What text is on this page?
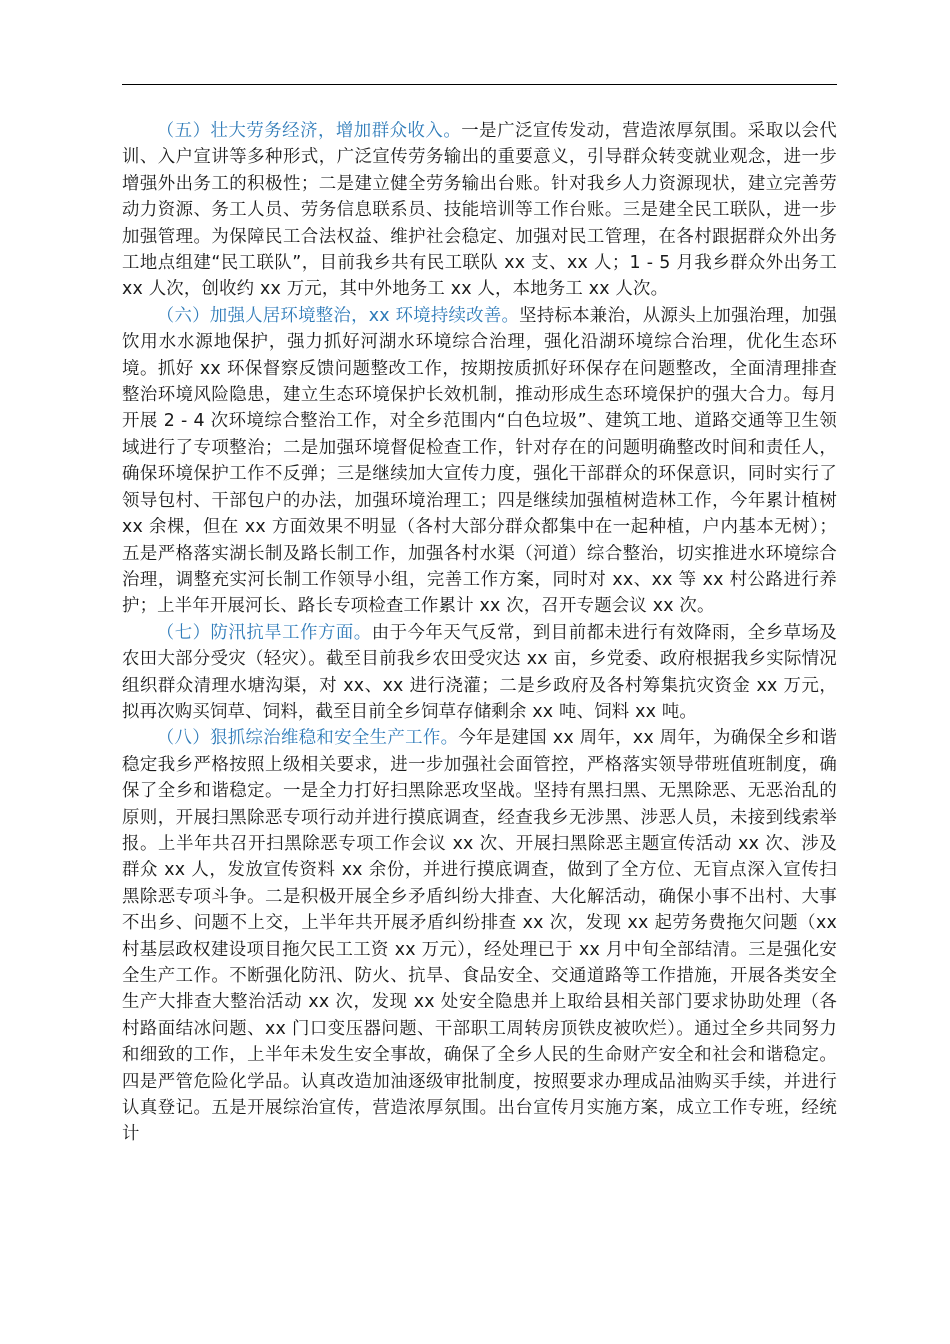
（五）壮大劳务经济，增加群众收入。一是广泛宣传发动，营造浓厚氛围。采取以会代训、入户宣讲等多种形式，广泛宣传劳务输出的重要意义，引导群众转变就业观念，进一步增强外出务工的积极性；二是建立健全劳务输出台账。针对我乡人力资源现状，建立完善劳动力资源、务工人员、劳务信息联系员、技能培训等工作台账。三是建全民工联队，进一步加强管理。为保障民工合法权益、维护社会稳定、加强对民工管理，在各村跟据群众外出务工地点组建“民工联队”，目前我乡共有民工联队 xx 支、xx 人；1 - 5 月我乡群众外出务工 xx 人次，创收约 xx 万元，其中外地务工 xx 人，本地务工 xx 人次。

（六）加强人居环境整治，xx 环境持续改善。坚持标本兼治，从源头上加强治理，加强饮用水水源地保护，强力抓好河湖水环境综合治理，强化沿湖环境综合治理，优化生态环境。抓好 xx 环保督察反馈问题整改工作，按期按质抓好环保存在问题整改，全面清理排查整治环境风险隐患，建立生态环境保护长效机制，推动形成生态环境保护的强大合力。每月开展 2 - 4 次环境综合整治工作，对全乡范围内“白色垃圾”、建筑工地、道路交通等卫生领域进行了专项整治；二是加强环境督促检查工作，针对存在的问题明确整改时间和责任人，确保环境保护工作不反弹；三是继续加大宣传力度，强化干部群众的环保意识，同时实行了领导包村、干部包户的办法，加强环境治理工；四是继续加强植树造林工作，今年累计植树 xx 余棵，但在 xx 方面效果不明显（各村大部分群众都集中在一起种植，户内基本无树）；五是严格落实湖长制及路长制工作，加强各村水渠（河道）综合整治，切实推进水环境综合治理，调整充实河长制工作领导小组，完善工作方案，同时对 xx、xx 等 xx 村公路进行养护；上半年开展河长、路长专项检查工作累计 xx 次，召开专题会议 xx 次。

（七）防汛抗旱工作方面。由于今年天气反常，到目前都未进行有效降雨，全乡草场及农田大部分受灾（轻灾）。截至目前我乡农田受灾达 xx 亩，乡党委、政府根据我乡实际情况组织群众清理水塘沟渠，对 xx、xx 进行浇灌；二是乡政府及各村筹集抗灾资金 xx 万元，拟再次购买饲草、饲料，截至目前全乡饲草存储剩余 xx 吨、饲料 xx 吨。

（八）狠抓综治维稳和安全生产工作。今年是建国 xx 周年，xx 周年，为确保全乡和谐稳定我乡严格按照上级相关要求，进一步加强社会面管控，严格落实领导带班值班制度，确保了全乡和谐稳定。一是全力打好扫黑除恶攻坚战。坚持有黑扫黑、无黑除恶、无恶治乱的原则，开展扫黑除恶专项行动并进行摸底调查，经查我乡无涉黑、涉恶人员，未接到线索举报。上半年共召开扫黑除恶专项工作会议 xx 次、开展扫黑除恶主题宣传活动 xx 次、涉及群众 xx 人，发放宣传资料 xx 余份，并进行摸底调查，做到了全方位、无盲点深入宣传扫黑除恶专项斗争。二是积极开展全乡矛盾纠纷大排查、大化解活动，确保小事不出村、大事不出乡、问题不上交，上半年共开展矛盾纠纷排查 xx 次，发现 xx 起劳务费拖欠问题（xx 村基层政权建设项目拖欠民工工资 xx 万元），经处理已于 xx 月中旬全部结清。三是强化安全生产工作。不断强化防汛、防火、抗旱、食品安全、交通道路等工作措施，开展各类安全生产大排查大整治活动 xx 次，发现 xx 处安全隐患并上取给县相关部门要求协助处理（各村路面结冰问题、xx 门口变压器问题、干部职工周转房顶铁皮被吹烂）。通过全乡共同努力和细致的工作，上半年未发生安全事故，确保了全乡人民的生命财产安全和社会和谐稳定。四是严管危险化学品。认真改造加油逐级审批制度，按照要求办理成品油购买手续，并进行认真登记。五是开展综治宣传，营造浓厚氛围。出台宣传月实施方案，成立工作专班，经统计
